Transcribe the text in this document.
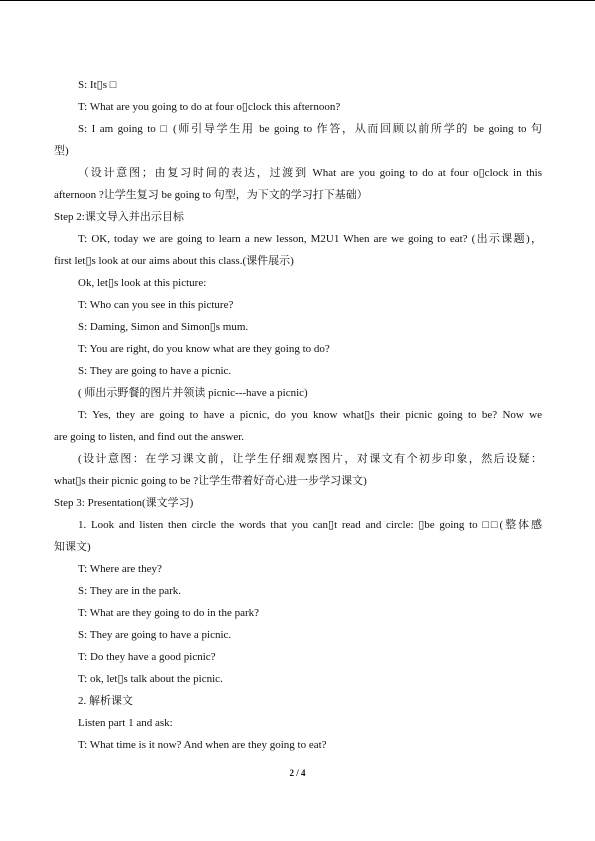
S: It▯s □
T: What are you going to do at four o▯clock this afternoon?
S: I am going to □ (师引导学生用 be going to 作答，从而回顾以前所学的 be going to 句
型)
（设计意图；由复习时间的表达，过渡到 What are you going to do at four o▯clock in this
afternoon ?让学生复习 be going to 句型，为下文的学习打下基础）
Step 2:课文导入并出示目标
T: OK, today we are going to learn a new lesson, M2U1 When are we going to eat? (出示课题)，
first let▯s look at our aims about this class.(课件展示)
Ok, let▯s look at this picture:
T: Who can you see in this picture?
S: Daming, Simon and Simon▯s mum.
T: You are right, do you know what are they going to do?
S: They are going to have a picnic.
( 师出示野餐的图片并领读 picnic---have a picnic)
T: Yes, they are going to have a picnic, do you know what▯s their picnic going to be? Now we
are going to listen, and find out the answer.
(设计意图：在学习课文前，让学生仔细观察图片，对课文有个初步印象，然后设疑：
what▯s their picnic going to be ?让学生带着好奇心进一步学习课文)
Step 3: Presentation(课文学习)
1. Look and listen then circle the words that you can▯t read and circle: ▯be going to □□(整体感
知课文)
T: Where are they?
S: They are in the park.
T: What are they going to do in the park?
S: They are going to have a picnic.
T: Do they have a good picnic?
T: ok, let▯s talk about the picnic.
2. 解析课文
Listen part 1 and ask:
T: What time is it now? And when are they going to eat?
2 / 4
